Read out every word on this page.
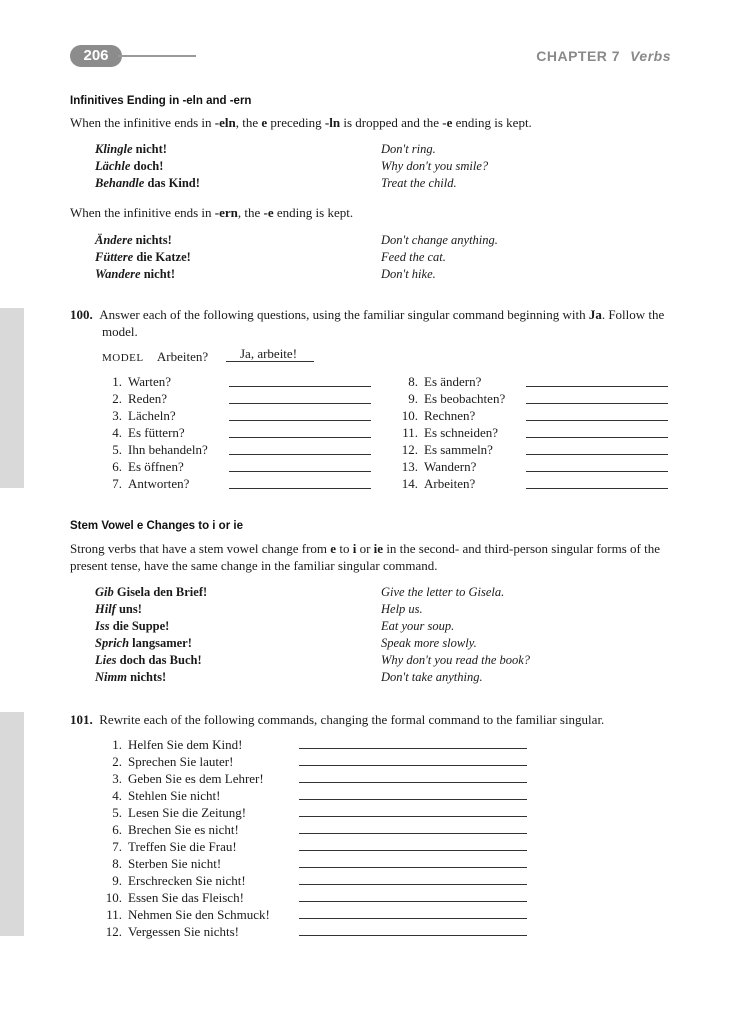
206	CHAPTER 7 Verbs
Infinitives Ending in -eln and -ern
When the infinitive ends in -eln, the e preceding -ln is dropped and the -e ending is kept.
Klingle nicht!	Don't ring.
Lächle doch!	Why don't you smile?
Behandle das Kind!	Treat the child.
When the infinitive ends in -ern, the -e ending is kept.
Ändere nichts!	Don't change anything.
Füttere die Katze!	Feed the cat.
Wandere nicht!	Don't hike.
100. Answer each of the following questions, using the familiar singular command beginning with Ja. Follow the model.
MODEL Arbeiten? Ja, arbeite!
1. Warten?
2. Reden?
3. Lächeln?
4. Es füttern?
5. Ihn behandeln?
6. Es öffnen?
7. Antworten?
8. Es ändern?
9. Es beobachten?
10. Rechnen?
11. Es schneiden?
12. Es sammeln?
13. Wandern?
14. Arbeiten?
Stem Vowel e Changes to i or ie
Strong verbs that have a stem vowel change from e to i or ie in the second- and third-person singular forms of the present tense, have the same change in the familiar singular command.
Gib Gisela den Brief!	Give the letter to Gisela.
Hilf uns!	Help us.
Iss die Suppe!	Eat your soup.
Sprich langsamer!	Speak more slowly.
Lies doch das Buch!	Why don't you read the book?
Nimm nichts!	Don't take anything.
101. Rewrite each of the following commands, changing the formal command to the familiar singular.
1. Helfen Sie dem Kind!
2. Sprechen Sie lauter!
3. Geben Sie es dem Lehrer!
4. Stehlen Sie nicht!
5. Lesen Sie die Zeitung!
6. Brechen Sie es nicht!
7. Treffen Sie die Frau!
8. Sterben Sie nicht!
9. Erschrecken Sie nicht!
10. Essen Sie das Fleisch!
11. Nehmen Sie den Schmuck!
12. Vergessen Sie nichts!
